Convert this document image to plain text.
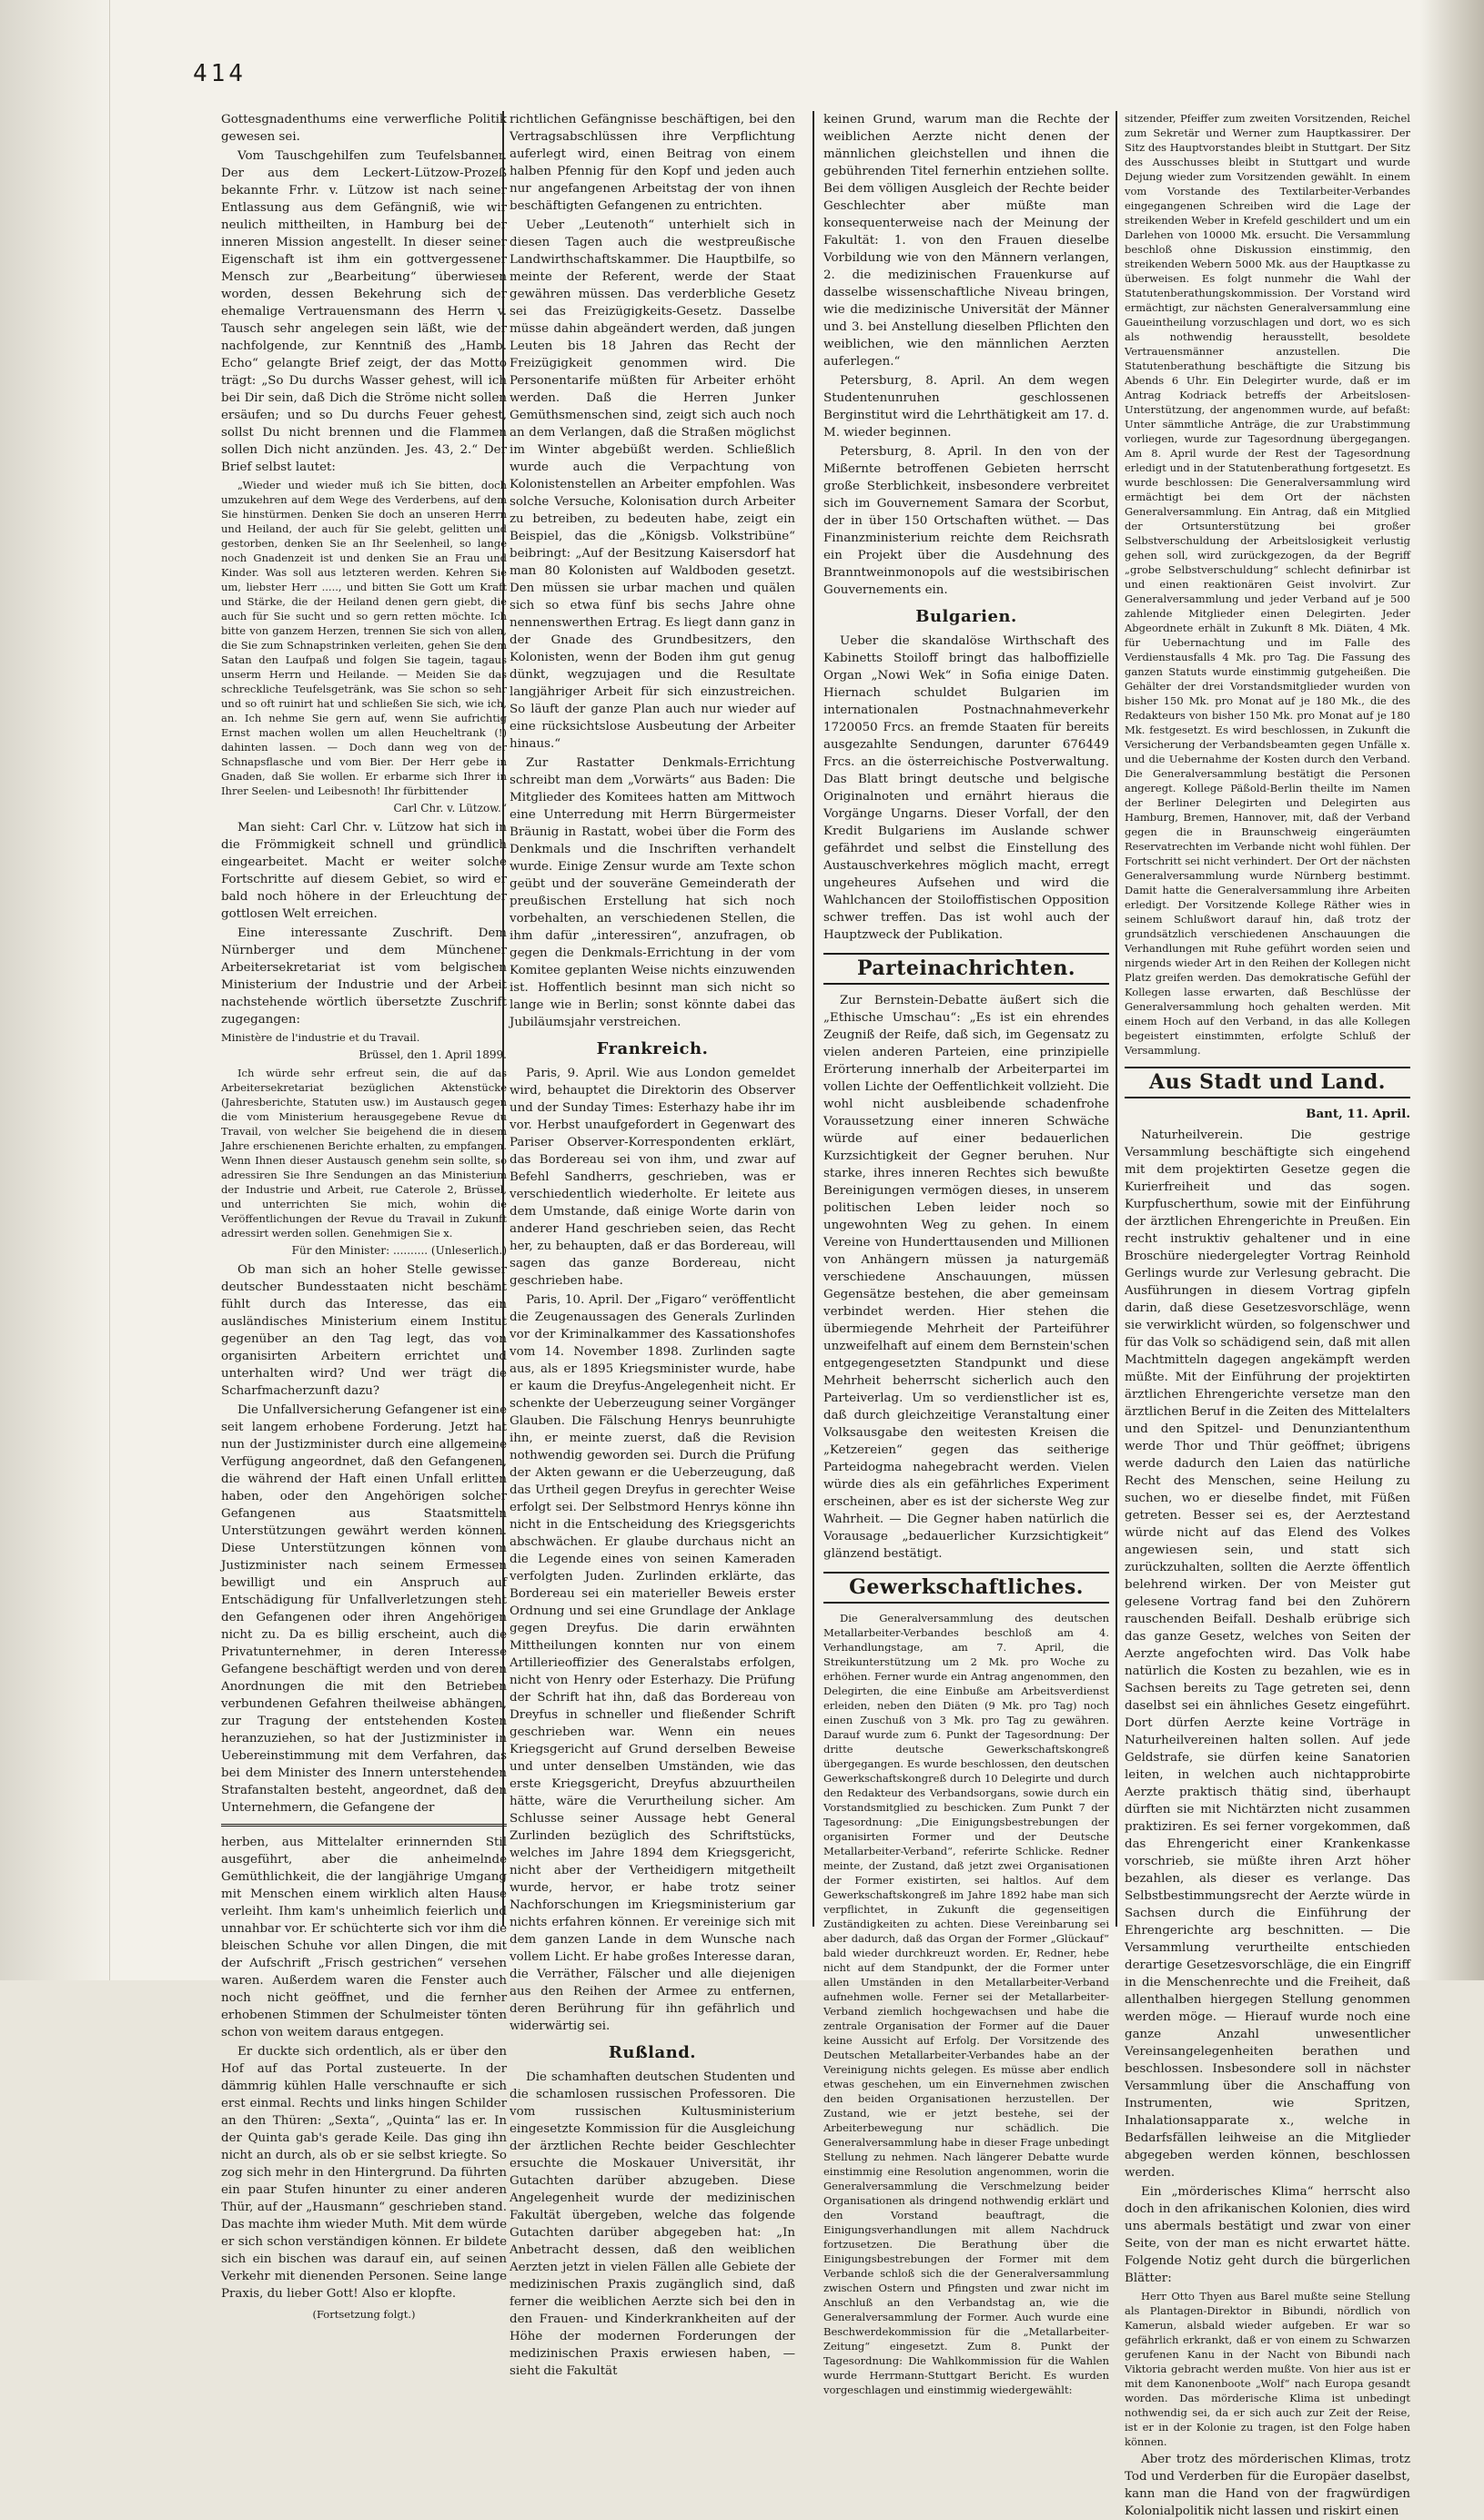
414

Gottesgnadenthums eine verwerfliche Politik gewesen sei.

Vom Tauschgehilfen zum Teufelsbanner. Der aus dem Leckert-Lützow-Prozeß bekannte Frhr. v. Lützow ist nach seiner Entlassung aus dem Gefängniß, wie wir neulich mittheilten, in Hamburg bei der inneren Mission angestellt. In dieser seiner Eigenschaft ist ihm ein gottvergessener Mensch zur „Bearbeitung“ überwiesen worden, dessen Bekehrung sich der ehemalige Vertrauensmann des Herrn v. Tausch sehr angelegen sein läßt, wie der nachfolgende, zur Kenntniß des „Hamb. Echo“ gelangte Brief zeigt, der das Motto trägt: „So Du durchs Wasser gehest, will ich bei Dir sein, daß Dich die Ströme nicht sollen ersäufen; und so Du durchs Feuer gehest, sollst Du nicht brennen und die Flammen sollen Dich nicht anzünden. Jes. 43, 2.“ Der Brief selbst lautet:

„Wieder und wieder muß ich Sie bitten, doch umzukehren auf dem Wege des Verderbens, auf dem Sie hinstürmen. Denken Sie doch an unseren Herrn und Heiland, der auch für Sie gelebt, gelitten und gestorben, denken Sie an Ihr Seelenheil, so lange noch Gnadenzeit ist und denken Sie an Frau und Kinder. Was soll aus letzteren werden. Kehren Sie um, liebster Herr ....., und bitten Sie Gott um Kraft und Stärke, die der Heiland denen gern giebt, die auch für Sie sucht und so gern retten möchte. Ich bitte von ganzem Herzen, trennen Sie sich von allen, die Sie zum Schnapstrinken verleiten, gehen Sie dem Satan den Laufpaß und folgen Sie tagein, tagaus unserm Herrn und Heilande. — Meiden Sie das schreckliche Teufelsgetränk, was Sie schon so sehr und so oft ruinirt hat und schließen Sie sich, wie ich, an. Ich nehme Sie gern auf, wenn Sie aufrichtig Ernst machen wollen um allen Heucheltrank (!) dahinten lassen. — Doch dann weg von der Schnapsflasche und vom Bier. Der Herr gebe in Gnaden, daß Sie wollen. Er erbarme sich Ihrer in Ihrer Seelen- und Leibesnoth! Ihr fürbittender

Carl Chr. v. Lützow.“

Man sieht: Carl Chr. v. Lützow hat sich in die Frömmigkeit schnell und gründlich eingearbeitet. Macht er weiter solche Fortschritte auf diesem Gebiet, so wird er bald noch höhere in der Erleuchtung der gottlosen Welt erreichen.

Eine interessante Zuschrift. Dem Nürnberger und dem Münchener Arbeitersekretariat ist vom belgischen Ministerium der Industrie und der Arbeit nachstehende wörtlich übersetzte Zuschrift zugegangen:

Ministère de l'industrie et du Travail.

Brüssel, den 1. April 1899.

Ich würde sehr erfreut sein, die auf das Arbeitersekretariat bezüglichen Aktenstücke (Jahresberichte, Statuten usw.) im Austausch gegen die vom Ministerium herausgegebene Revue du Travail, von welcher Sie beigehend die in diesem Jahre erschienenen Berichte erhalten, zu empfangen. Wenn Ihnen dieser Austausch genehm sein sollte, so adressiren Sie Ihre Sendungen an das Ministerium der Industrie und Arbeit, rue Caterole 2, Brüssel, und unterrichten Sie mich, wohin die Veröffentlichungen der Revue du Travail in Zukunft adressirt werden sollen. Genehmigen Sie x.

Für den Minister: .......... (Unleserlich.)

Ob man sich an hoher Stelle gewisser deutscher Bundesstaaten nicht beschämt fühlt durch das Interesse, das ein ausländisches Ministerium einem Institut gegenüber an den Tag legt, das von organisirten Arbeitern errichtet und unterhalten wird? Und wer trägt die Scharfmacherzunft dazu?

Die Unfallversicherung Gefangener ist eine seit langem erhobene Forderung. Jetzt hat nun der Justizminister durch eine allgemeine Verfügung angeordnet, daß den Gefangenen, die während der Haft einen Unfall erlitten haben, oder den Angehörigen solcher Gefangenen aus Staatsmitteln Unterstützungen gewährt werden können. Diese Unterstützungen können vom Justizminister nach seinem Ermessen bewilligt und ein Anspruch auf Entschädigung für Unfallverletzungen steht den Gefangenen oder ihren Angehörigen nicht zu. Da es billig erscheint, auch die Privatunternehmer, in deren Interesse Gefangene beschäftigt werden und von deren Anordnungen die mit den Betrieben verbundenen Gefahren theilweise abhängen, zur Tragung der entstehenden Kosten heranzuziehen, so hat der Justizminister in Uebereinstimmung mit dem Verfahren, das bei dem Minister des Innern unterstehenden Strafanstalten besteht, angeordnet, daß den Unternehmern, die Gefangene der

herben, aus Mittelalter erinnernden Stil ausgeführt, aber die anheimelnde Gemüthlichkeit, die der langjährige Umgang mit Menschen einem wirklich alten Hause verleiht. Ihm kam's unheimlich feierlich und unnahbar vor. Er schüchterte sich vor ihm die bleischen Schuhe vor allen Dingen, die mit der Aufschrift „Frisch gestrichen“ versehen waren. Außerdem waren die Fenster auch noch nicht geöffnet, und die fernher erhobenen Stimmen der Schulmeister tönten schon von weitem daraus entgegen.

Er duckte sich ordentlich, als er über den Hof auf das Portal zusteuerte. In der dämmrig kühlen Halle verschnaufte er sich erst einmal. Rechts und links hingen Schilder an den Thüren: „Sexta“, „Quinta“ las er. In der Quinta gab's gerade Keile. Das ging ihn nicht an durch, als ob er sie selbst kriegte. So zog sich mehr in den Hintergrund. Da führten ein paar Stufen hinunter zu einer anderen Thür, auf der „Hausmann“ geschrieben stand. Das machte ihm wieder Muth. Mit dem würde er sich schon verständigen können. Er bildete sich ein bischen was darauf ein, auf seinen Verkehr mit dienenden Personen. Seine lange Praxis, du lieber Gott! Also er klopfte.

(Fortsetzung folgt.)

richtlichen Gefängnisse beschäftigen, bei den Vertragsabschlüssen ihre Verpflichtung auferlegt wird, einen Beitrag von einem halben Pfennig für den Kopf und jeden auch nur angefangenen Arbeitstag der von ihnen beschäftigten Gefangenen zu entrichten.

Ueber „Leutenoth“ unterhielt sich in diesen Tagen auch die westpreußische Landwirthschaftskammer. Die Hauptbilfe, so meinte der Referent, werde der Staat gewähren müssen. Das verderbliche Gesetz sei das Freizügigkeits-Gesetz. Dasselbe müsse dahin abgeändert werden, daß jungen Leuten bis 18 Jahren das Recht der Freizügigkeit genommen wird. Die Personentarife müßten für Arbeiter erhöht werden. Daß die Herren Junker Gemüthsmenschen sind, zeigt sich auch noch an dem Verlangen, daß die Straßen möglichst im Winter abgebüßt werden. Schließlich wurde auch die Verpachtung von Kolonistenstellen an Arbeiter empfohlen. Was solche Versuche, Kolonisation durch Arbeiter zu betreiben, zu bedeuten habe, zeigt ein Beispiel, das die „Königsb. Volkstribüne“ beibringt: „Auf der Besitzung Kaisersdorf hat man 80 Kolonisten auf Waldboden gesetzt. Den müssen sie urbar machen und quälen sich so etwa fünf bis sechs Jahre ohne nennenswerthen Ertrag. Es liegt dann ganz in der Gnade des Grundbesitzers, den Kolonisten, wenn der Boden ihm gut genug dünkt, wegzujagen und die Resultate langjähriger Arbeit für sich einzustreichen. So läuft der ganze Plan auch nur wieder auf eine rücksichtslose Ausbeutung der Arbeiter hinaus.“

Zur Rastatter Denkmals-Errichtung schreibt man dem „Vorwärts“ aus Baden: Die Mitglieder des Komitees hatten am Mittwoch eine Unterredung mit Herrn Bürgermeister Bräunig in Rastatt, wobei über die Form des Denkmals und die Inschriften verhandelt wurde. Einige Zensur wurde am Texte schon geübt und der souveräne Gemeinderath der preußischen Erstellung hat sich noch vorbehalten, an verschiedenen Stellen, die ihm dafür „interessiren“, anzufragen, ob gegen die Denkmals-Errichtung in der vom Komitee geplanten Weise nichts einzuwenden ist. Hoffentlich besinnt man sich nicht so lange wie in Berlin; sonst könnte dabei das Jubiläumsjahr verstreichen.

Frankreich.

Paris, 9. April. Wie aus London gemeldet wird, behauptet die Direktorin des Observer und der Sunday Times: Esterhazy habe ihr im vor. Herbst unaufgefordert in Gegenwart des Pariser Observer-Korrespondenten erklärt, das Bordereau sei von ihm, und zwar auf Befehl Sandherrs, geschrieben, was er verschiedentlich wiederholte. Er leitete aus dem Umstande, daß einige Worte darin von anderer Hand geschrieben seien, das Recht her, zu behaupten, daß er das Bordereau, will sagen das ganze Bordereau, nicht geschrieben habe.

Paris, 10. April. Der „Figaro“ veröffentlicht die Zeugenaussagen des Generals Zurlinden vor der Kriminalkammer des Kassationshofes vom 14. November 1898. Zurlinden sagte aus, als er 1895 Kriegsminister wurde, habe er kaum die Dreyfus-Angelegenheit nicht. Er schenkte der Ueberzeugung seiner Vorgänger Glauben. Die Fälschung Henrys beunruhigte ihn, er meinte zuerst, daß die Revision nothwendig geworden sei. Durch die Prüfung der Akten gewann er die Ueberzeugung, daß das Urtheil gegen Dreyfus in gerechter Weise erfolgt sei. Der Selbstmord Henrys könne ihn nicht in die Entscheidung des Kriegsgerichts abschwächen. Er glaube durchaus nicht an die Legende eines von seinen Kameraden verfolgten Juden. Zurlinden erklärte, das Bordereau sei ein materieller Beweis erster Ordnung und sei eine Grundlage der Anklage gegen Dreyfus. Die darin erwähnten Mittheilungen konnten nur von einem Artillerieoffizier des Generalstabs erfolgen, nicht von Henry oder Esterhazy. Die Prüfung der Schrift hat ihn, daß das Bordereau von Dreyfus in schneller und fließender Schrift geschrieben war. Wenn ein neues Kriegsgericht auf Grund derselben Beweise und unter denselben Umständen, wie das erste Kriegsgericht, Dreyfus abzuurtheilen hätte, wäre die Verurtheilung sicher. Am Schlusse seiner Aussage hebt General Zurlinden bezüglich des Schriftstücks, welches im Jahre 1894 dem Kriegsgericht, nicht aber der Vertheidigern mitgetheilt wurde, hervor, er habe trotz seiner Nachforschungen im Kriegsministerium gar nichts erfahren können. Er vereinige sich mit dem ganzen Lande in dem Wunsche nach vollem Licht. Er habe großes Interesse daran, die Verräther, Fälscher und alle diejenigen aus den Reihen der Armee zu entfernen, deren Berührung für ihn gefährlich und widerwärtig sei.

Rußland.

Die schamhaften deutschen Studenten und die schamlosen russischen Professoren. Die vom russischen Kultusministerium eingesetzte Kommission für die Ausgleichung der ärztlichen Rechte beider Geschlechter ersuchte die Moskauer Universität, ihr Gutachten darüber abzugeben. Diese Angelegenheit wurde der medizinischen Fakultät übergeben, welche das folgende Gutachten darüber abgegeben hat: „In Anbetracht dessen, daß den weiblichen Aerzten jetzt in vielen Fällen alle Gebiete der medizinischen Praxis zugänglich sind, daß ferner die weiblichen Aerzte sich bei den in den Frauen- und Kinderkrankheiten auf der Höhe der modernen Forderungen der medizinischen Praxis erwiesen haben, — sieht die Fakultät

keinen Grund, warum man die Rechte der weiblichen Aerzte nicht denen der männlichen gleichstellen und ihnen die gebührenden Titel fernerhin entziehen sollte. Bei dem völligen Ausgleich der Rechte beider Geschlechter aber müßte man konsequenterweise nach der Meinung der Fakultät: 1. von den Frauen dieselbe Vorbildung wie von den Männern verlangen, 2. die medizinischen Frauenkurse auf dasselbe wissenschaftliche Niveau bringen, wie die medizinische Universität der Männer und 3. bei Anstellung dieselben Pflichten den weiblichen, wie den männlichen Aerzten auferlegen.“

Petersburg, 8. April. An dem wegen Studentenunruhen geschlossenen Berginstitut wird die Lehrthätigkeit am 17. d. M. wieder beginnen.

Petersburg, 8. April. In den von der Mißernte betroffenen Gebieten herrscht große Sterblichkeit, insbesondere verbreitet sich im Gouvernement Samara der Scorbut, der in über 150 Ortschaften wüthet. — Das Finanzministerium reichte dem Reichsrath ein Projekt über die Ausdehnung des Branntweinmonopols auf die westsibirischen Gouvernements ein.

Bulgarien.

Ueber die skandalöse Wirthschaft des Kabinetts Stoiloff bringt das halboffizielle Organ „Nowi Wek“ in Sofia einige Daten. Hiernach schuldet Bulgarien im internationalen Postnachnahmeverkehr 1720050 Frcs. an fremde Staaten für bereits ausgezahlte Sendungen, darunter 676449 Frcs. an die österreichische Postverwaltung. Das Blatt bringt deutsche und belgische Originalnoten und ernährt hieraus die Vorgänge Ungarns. Dieser Vorfall, der den Kredit Bulgariens im Auslande schwer gefährdet und selbst die Einstellung des Austauschverkehres möglich macht, erregt ungeheures Aufsehen und wird die Wahlchancen der Stoiloffistischen Opposition schwer treffen. Das ist wohl auch der Hauptzweck der Publikation.

Parteinachrichten.

Zur Bernstein-Debatte äußert sich die „Ethische Umschau“: „Es ist ein ehrendes Zeugniß der Reife, daß sich, im Gegensatz zu vielen anderen Parteien, eine prinzipielle Erörterung innerhalb der Arbeiterpartei im vollen Lichte der Oeffentlichkeit vollzieht. Die wohl nicht ausbleibende schadenfrohe Voraussetzung einer inneren Schwäche würde auf einer bedauerlichen Kurzsichtigkeit der Gegner beruhen. Nur starke, ihres inneren Rechtes sich bewußte Bereinigungen vermögen dieses, in unserem politischen Leben leider noch so ungewohnten Weg zu gehen. In einem Vereine von Hunderttausenden und Millionen von Anhängern müssen ja naturgemäß verschiedene Anschauungen, müssen Gegensätze bestehen, die aber gemeinsam verbindet werden. Hier stehen die übermiegende Mehrheit der Parteiführer unzweifelhaft auf einem dem Bernstein'schen entgegengesetzten Standpunkt und diese Mehrheit beherrscht sicherlich auch den Parteiverlag. Um so verdienstlicher ist es, daß durch gleichzeitige Veranstaltung einer Volksausgabe den weitesten Kreisen die „Ketzereien“ gegen das seitherige Parteidogma nahegebracht werden. Vielen würde dies als ein gefährliches Experiment erscheinen, aber es ist der sicherste Weg zur Wahrheit. — Die Gegner haben natürlich die Vorausage „bedauerlicher Kurzsichtigkeit“ glänzend bestätigt.

Gewerkschaftliches.

Die Generalversammlung des deutschen Metallarbeiter-Verbandes beschloß am 4. Verhandlungstage, am 7. April, die Streikunterstützung um 2 Mk. pro Woche zu erhöhen. Ferner wurde ein Antrag angenommen, den Delegirten, die eine Einbuße am Arbeitsverdienst erleiden, neben den Diäten (9 Mk. pro Tag) noch einen Zuschuß von 3 Mk. pro Tag zu gewähren. Darauf wurde zum 6. Punkt der Tagesordnung: Der dritte deutsche Gewerkschaftskongreß übergegangen. Es wurde beschlossen, den deutschen Gewerkschaftskongreß durch 10 Delegirte und durch den Redakteur des Verbandsorgans, sowie durch ein Vorstandsmitglied zu beschicken. Zum Punkt 7 der Tagesordnung: „Die Einigungsbestrebungen der organisirten Former und der Deutsche Metallarbeiter-Verband“, referirte Schlicke. Redner meinte, der Zustand, daß jetzt zwei Organisationen der Former existirten, sei haltlos. Auf dem Gewerkschaftskongreß im Jahre 1892 habe man sich verpflichtet, in Zukunft die gegenseitigen Zuständigkeiten zu achten. Diese Vereinbarung sei aber dadurch, daß das Organ der Former „Glückauf“ bald wieder durchkreuzt worden. Er, Redner, hebe nicht auf dem Standpunkt, der die Former unter allen Umständen in den Metallarbeiter-Verband aufnehmen wolle. Ferner sei der Metallarbeiter-Verband ziemlich hochgewachsen und habe die zentrale Organisation der Former auf die Dauer keine Aussicht auf Erfolg. Der Vorsitzende des Deutschen Metallarbeiter-Verbandes habe an der Vereinigung nichts gelegen. Es müsse aber endlich etwas geschehen, um ein Einvernehmen zwischen den beiden Organisationen herzustellen. Der Zustand, wie er jetzt bestehe, sei der Arbeiterbewegung nur schädlich. Die Generalversammlung habe in dieser Frage unbedingt Stellung zu nehmen. Nach längerer Debatte wurde einstimmig eine Resolution angenommen, worin die Generalversammlung die Verschmelzung beider Organisationen als dringend nothwendig erklärt und den Vorstand beauftragt, die Einigungsverhandlungen mit allem Nachdruck fortzusetzen. Die Berathung über die Einigungsbestrebungen der Former mit dem Verbande schloß sich die der Generalversammlung zwischen Ostern und Pfingsten und zwar nicht im Anschluß an den Verbandstag an, wie die Generalversammlung der Former. Auch wurde eine Beschwerdekommission für die „Metallarbeiter-Zeitung“ eingesetzt. Zum 8. Punkt der Tagesordnung: Die Wahlkommission für die Wahlen wurde Herrmann-Stuttgart Bericht. Es wurden vorgeschlagen und einstimmig wiedergewählt:

sitzender, Pfeiffer zum zweiten Vorsitzenden, Reichel zum Sekretär und Werner zum Hauptkassirer. Der Sitz des Hauptvorstandes bleibt in Stuttgart. Der Sitz des Ausschusses bleibt in Stuttgart und wurde Dejung wieder zum Vorsitzenden gewählt. In einem vom Vorstande des Textilarbeiter-Verbandes eingegangenen Schreiben wird die Lage der streikenden Weber in Krefeld geschildert und um ein Darlehen von 10000 Mk. ersucht. Die Versammlung beschloß ohne Diskussion einstimmig, den streikenden Webern 5000 Mk. aus der Hauptkasse zu überweisen. Es folgt nunmehr die Wahl der Statutenberathungskommission. Der Vorstand wird ermächtigt, zur nächsten Generalversammlung eine Gaueintheilung vorzuschlagen und dort, wo es sich als nothwendig herausstellt, besoldete Vertrauensmänner anzustellen. Die Statutenberathung beschäftigte die Sitzung bis Abends 6 Uhr. Ein Delegirter wurde, daß er im Antrag Kodriack betreffs der Arbeitslosen-Unterstützung, der angenommen wurde, auf befaßt: Unter sämmtliche Anträge, die zur Urabstimmung vorliegen, wurde zur Tagesordnung übergegangen. Am 8. April wurde der Rest der Tagesordnung erledigt und in der Statutenberathung fortgesetzt. Es wurde beschlossen: Die Generalversammlung wird ermächtigt bei dem Ort der nächsten Generalversammlung. Ein Antrag, daß ein Mitglied der Ortsunterstützung bei großer Selbstverschuldung der Arbeitslosigkeit verlustig gehen soll, wird zurückgezogen, da der Begriff „grobe Selbstverschuldung“ schlecht definirbar ist und einen reaktionären Geist involvirt. Zur Generalversammlung und jeder Verband auf je 500 zahlende Mitglieder einen Delegirten. Jeder Abgeordnete erhält in Zukunft 8 Mk. Diäten, 4 Mk. für Uebernachtung und im Falle des Verdienstausfalls 4 Mk. pro Tag. Die Fassung des ganzen Statuts wurde einstimmig gutgeheißen. Die Gehälter der drei Vorstandsmitglieder wurden von bisher 150 Mk. pro Monat auf je 180 Mk., die des Redakteurs von bisher 150 Mk. pro Monat auf je 180 Mk. festgesetzt. Es wird beschlossen, in Zukunft die Versicherung der Verbandsbeamten gegen Unfälle x. und die Uebernahme der Kosten durch den Verband. Die Generalversammlung bestätigt die Personen angeregt. Kollege Päßold-Berlin theilte im Namen der Berliner Delegirten und Delegirten aus Hamburg, Bremen, Hannover, mit, daß der Verband gegen die in Braunschweig eingeräumten Reservatrechten im Verbande nicht wohl fühlen. Der Fortschritt sei nicht verhindert. Der Ort der nächsten Generalversammlung wurde Nürnberg bestimmt. Damit hatte die Generalversammlung ihre Arbeiten erledigt. Der Vorsitzende Kollege Räther wies in seinem Schlußwort darauf hin, daß trotz der grundsätzlich verschiedenen Anschauungen die Verhandlungen mit Ruhe geführt worden seien und nirgends wieder Art in den Reihen der Kollegen nicht Platz greifen werden. Das demokratische Gefühl der Kollegen lasse erwarten, daß Beschlüsse der Generalversammlung hoch gehalten werden. Mit einem Hoch auf den Verband, in das alle Kollegen begeistert einstimmten, erfolgte Schluß der Versammlung.

Aus Stadt und Land.
Bant, 11. April.

Naturheilverein. Die gestrige Versammlung beschäftigte sich eingehend mit dem projektirten Gesetze gegen die Kurierfreiheit und das sogen. Kurpfuscherthum, sowie mit der Einführung der ärztlichen Ehrengerichte in Preußen. Ein recht instruktiv gehaltener und in eine Broschüre niedergelegter Vortrag Reinhold Gerlings wurde zur Verlesung gebracht. Die Ausführungen in diesem Vortrag gipfeln darin, daß diese Gesetzesvorschläge, wenn sie verwirklicht würden, so folgenschwer und für das Volk so schädigend sein, daß mit allen Machtmitteln dagegen angekämpft werden müßte. Mit der Einführung der projektirten ärztlichen Ehrengerichte versetze man den ärztlichen Beruf in die Zeiten des Mittelalters und den Spitzel- und Denunziantenthum werde Thor und Thür geöffnet; übrigens werde dadurch den Laien das natürliche Recht des Menschen, seine Heilung zu suchen, wo er dieselbe findet, mit Füßen getreten. Besser sei es, der Aerztestand würde nicht auf das Elend des Volkes angewiesen sein, und statt sich zurückzuhalten, sollten die Aerzte öffentlich belehrend wirken. Der von Meister gut gelesene Vortrag fand bei den Zuhörern rauschenden Beifall. Deshalb erübrige sich das ganze Gesetz, welches von Seiten der Aerzte angefochten wird. Das Volk habe natürlich die Kosten zu bezahlen, wie es in Sachsen bereits zu Tage getreten sei, denn daselbst sei ein ähnliches Gesetz eingeführt. Dort dürfen Aerzte keine Vorträge in Naturheilvereinen halten sollen. Auf jede Geldstrafe, sie dürfen keine Sanatorien leiten, in welchen auch nichtapprobirte Aerzte praktisch thätig sind, überhaupt dürften sie mit Nichtärzten nicht zusammen praktiziren. Es sei ferner vorgekommen, daß das Ehrengericht einer Krankenkasse vorschrieb, sie müßte ihren Arzt höher bezahlen, als dieser es verlange. Das Selbstbestimmungsrecht der Aerzte würde in Sachsen durch die Einführung der Ehrengerichte arg beschnitten. — Die Versammlung verurtheilte entschieden derartige Gesetzesvorschläge, die ein Eingriff in die Menschenrechte und die Freiheit, daß allenthalben hiergegen Stellung genommen werden möge. — Hierauf wurde noch eine ganze Anzahl unwesentlicher Vereinsangelegenheiten berathen und beschlossen. Insbesondere soll in nächster Versammlung über die Anschaffung von Instrumenten, wie Spritzen, Inhalationsapparate x., welche in Bedarfsfällen leihweise an die Mitglieder abgegeben werden können, beschlossen werden.

Ein „mörderisches Klima“ herrscht also doch in den afrikanischen Kolonien, dies wird uns abermals bestätigt und zwar von einer Seite, von der man es nicht erwartet hätte. Folgende Notiz geht durch die bürgerlichen Blätter:

Herr Otto Thyen aus Barel mußte seine Stellung als Plantagen-Direktor in Bibundi, nördlich von Kamerun, alsbald wieder aufgeben. Er war so gefährlich erkrankt, daß er von einem zu Schwarzen gerufenen Kanu in der Nacht von Bibundi nach Viktoria gebracht werden mußte. Von hier aus ist er mit dem Kanonenboote „Wolf“ nach Europa gesandt worden. Das mörderische Klima ist unbedingt nothwendig sei, da er sich auch zur Zeit der Reise, ist er in der Kolonie zu tragen, ist den Folge haben können.

Aber trotz des mörderischen Klimas, trotz Tod und Verderben für die Europäer daselbst, kann man die Hand von der fragwürdigen Kolonialpolitik nicht lassen und riskirt einen
